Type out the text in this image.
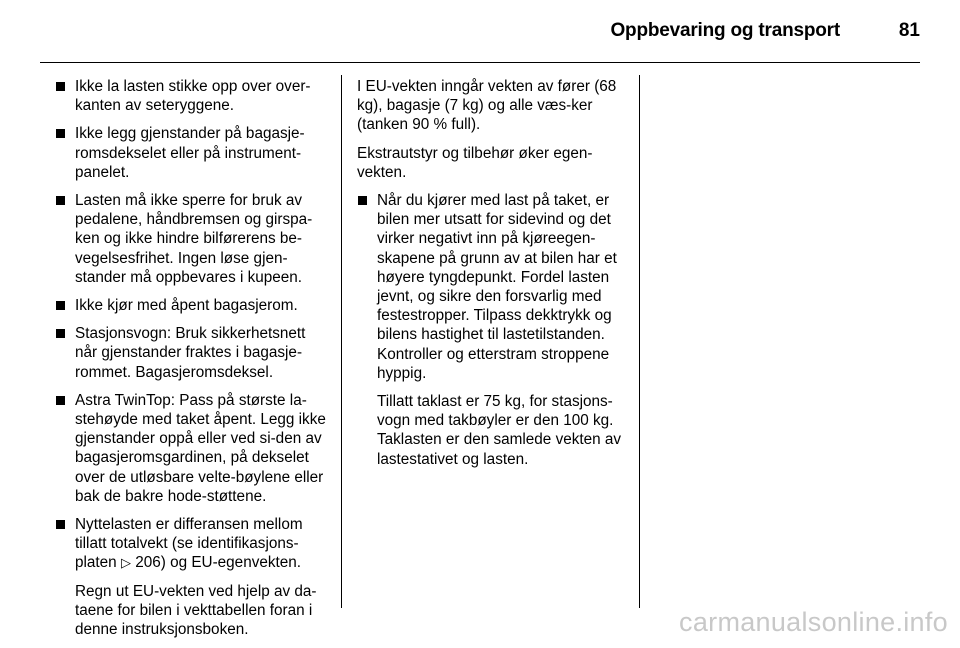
Oppbevaring og transport	81
Ikke la lasten stikke opp over over-kanten av seteryggene.
Ikke legg gjenstander på bagasje-romsdekselet eller på instrument-panelet.
Lasten må ikke sperre for bruk av pedalene, håndbremsen og girspa-ken og ikke hindre bilførerens be-vegelsesfrihet. Ingen løse gjen-stander må oppbevares i kupeen.
Ikke kjør med åpent bagasjerom.
Stasjonsvogn: Bruk sikkerhetsnett når gjenstander fraktes i bagasje-rommet. Bagasjeromsdeksel.
Astra TwinTop: Pass på største la-stehøyde med taket åpent. Legg ikke gjenstander oppå eller ved si-den av bagasjeromsgardinen, på dekselet over de utløsbare velte-bøylene eller bak de bakre hode-støttene.
Nyttelasten er differansen mellom tillatt totalvekt (se identifikasjons-platen ▷ 206) og EU-egenvekten.
Regn ut EU-vekten ved hjelp av da-taene for bilen i vekttabellen foran i denne instruksjonsboken.
I EU-vekten inngår vekten av fører (68 kg), bagasje (7 kg) og alle væs-ker (tanken 90 % full).
Ekstrautstyr og tilbehør øker egen-vekten.
Når du kjører med last på taket, er bilen mer utsatt for sidevind og det virker negativt inn på kjøreegen-skapene på grunn av at bilen har et høyere tyngdepunkt. Fordel lasten jevnt, og sikre den forsvarlig med festestropper. Tilpass dekktrykk og bilens hastighet til lastetilstanden. Kontroller og etterstram stroppene hyppig.
Tillatt taklast er 75 kg, for stasjons-vogn med takbøyler er den 100 kg. Taklasten er den samlede vekten av lastestativet og lasten.
carmanualsonline.info
